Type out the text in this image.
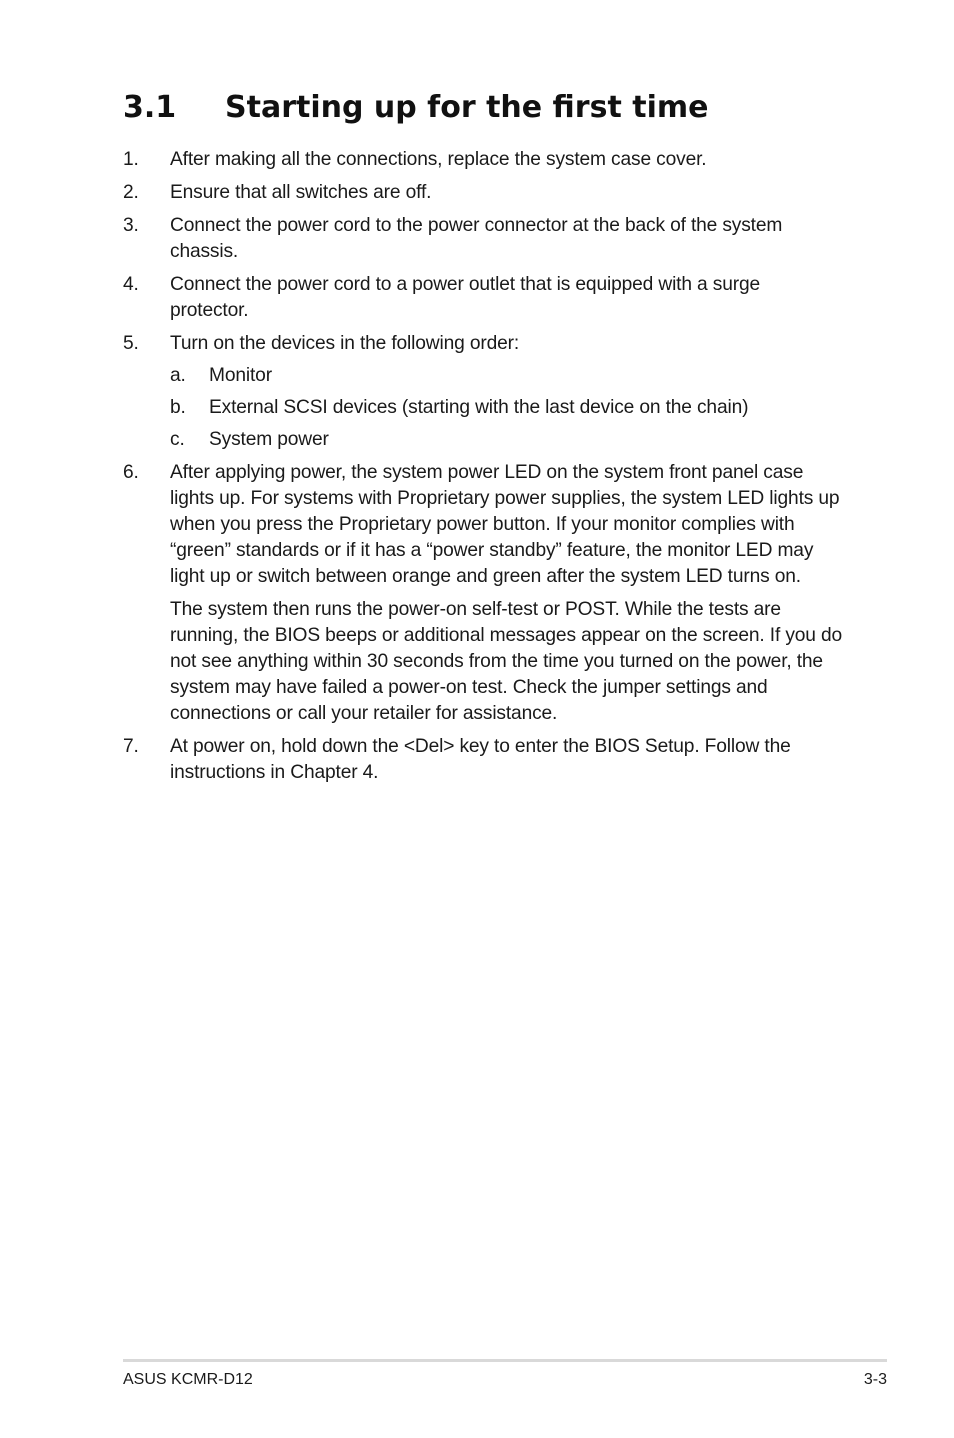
3.1 Starting up for the first time
1. After making all the connections, replace the system case cover.
2. Ensure that all switches are off.
3. Connect the power cord to the power connector at the back of the system chassis.
4. Connect the power cord to a power outlet that is equipped with a surge protector.
5. Turn on the devices in the following order:
a. Monitor
b. External SCSI devices (starting with the last device on the chain)
c. System power
6. After applying power, the system power LED on the system front panel case lights up. For systems with Proprietary power supplies, the system LED lights up when you press the Proprietary power button. If your monitor complies with “green” standards or if it has a “power standby” feature, the monitor LED may light up or switch between orange and green after the system LED turns on.
The system then runs the power-on self-test or POST. While the tests are running, the BIOS beeps or additional messages appear on the screen. If you do not see anything within 30 seconds from the time you turned on the power, the system may have failed a power-on test. Check the jumper settings and connections or call your retailer for assistance.
7. At power on, hold down the <Del> key to enter the BIOS Setup. Follow the instructions in Chapter 4.
ASUS KCMR-D12	3-3
